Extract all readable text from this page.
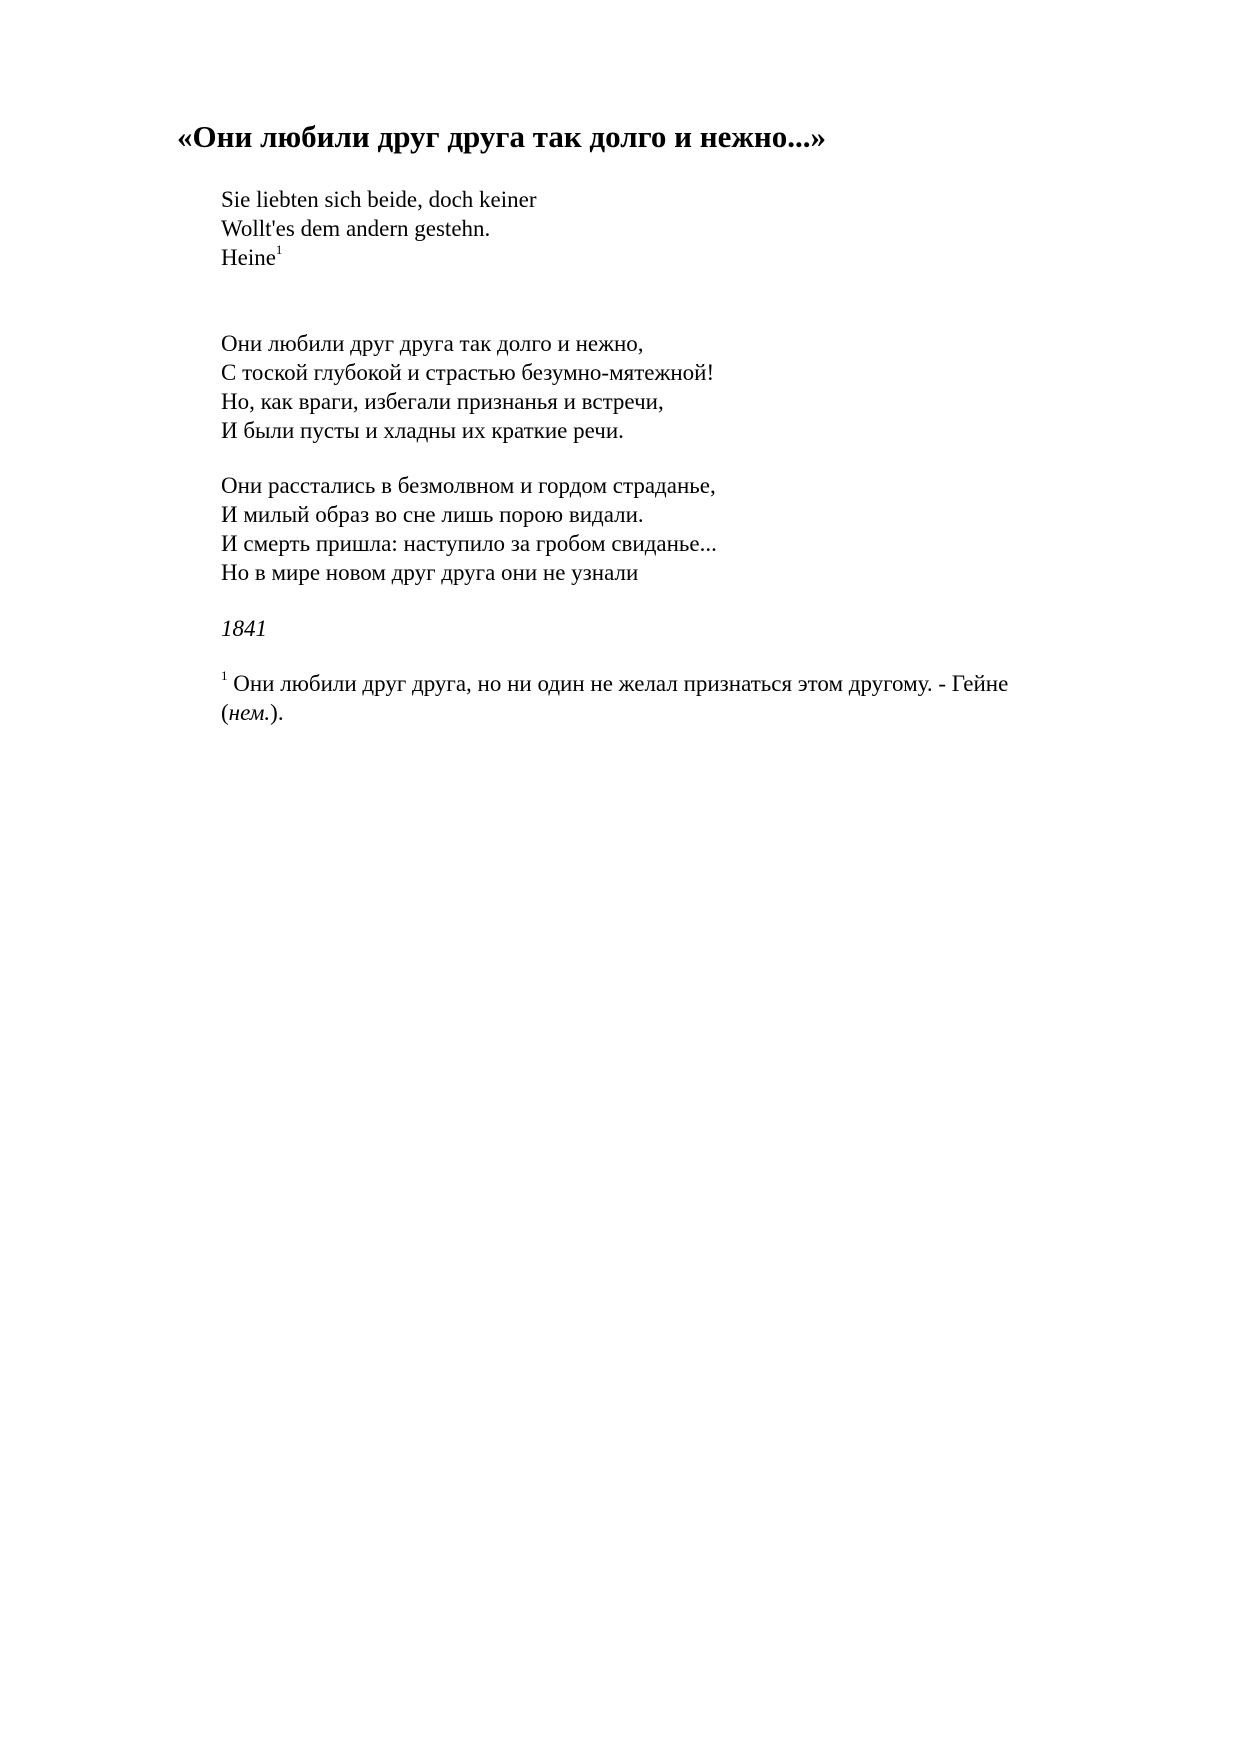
«Они любили друг друга так долго и нежно...»
Sie liebten sich beide, doch keiner
Wollt'es dem andern gestehn.
Heine$^1$
Они любили друг друга так долго и нежно,
С тоской глубокой и страстью безумно-мятежной!
Но, как враги, избегали признанья и встречи,
И были пусты и хладны их краткие речи.
Они расстались в безмолвном и гордом страданье,
И милый образ во сне лишь порою видали.
И смерть пришла: наступило за гробом свиданье...
Но в мире новом друг друга они не узнали
1841
$^1$ Они любили друг друга, но ни один не желал признаться этом другому. - Гейне
(нем.).
